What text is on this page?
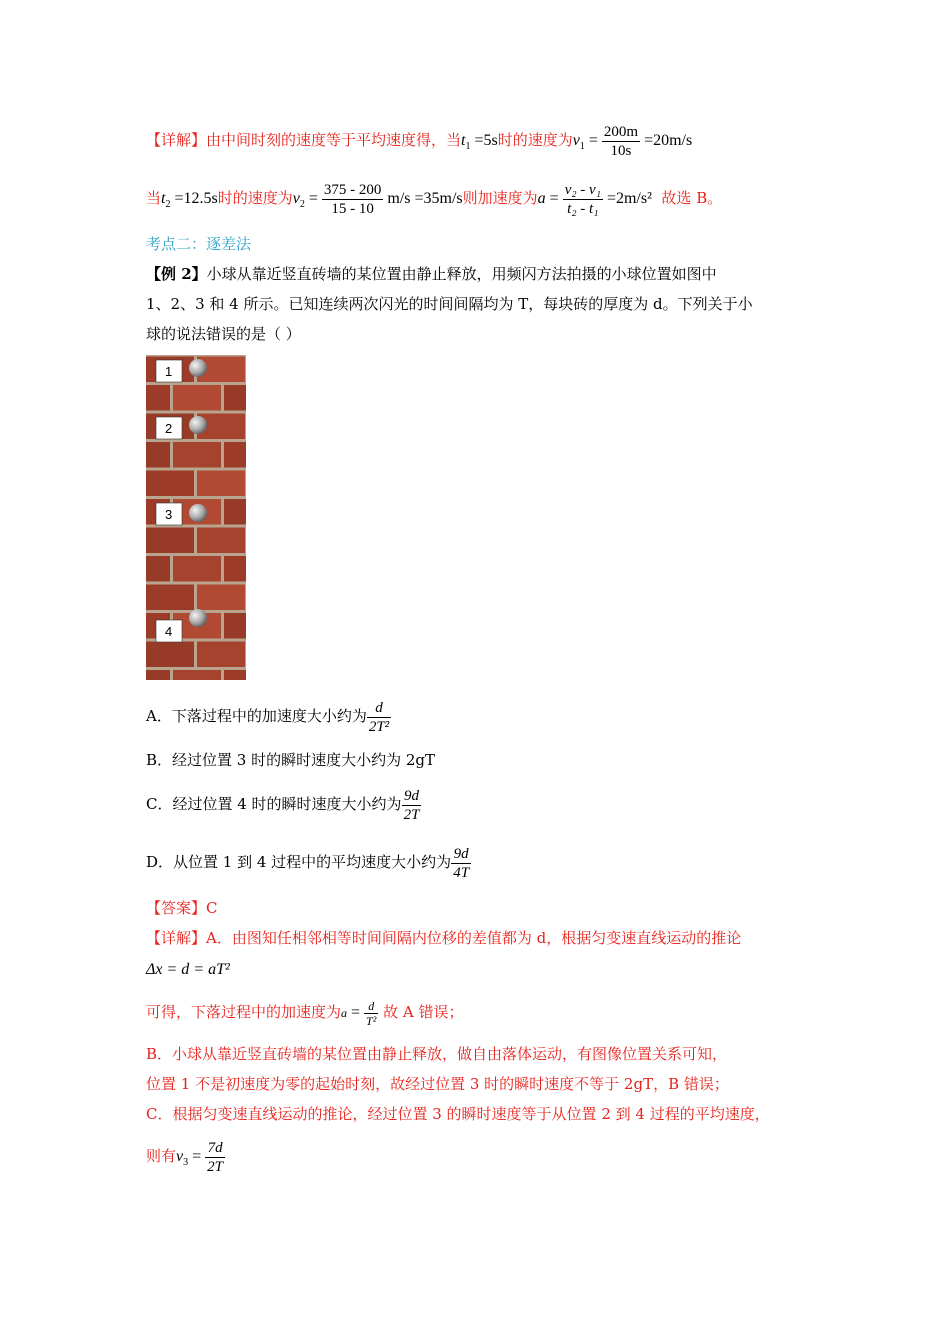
【详解】由中间时刻的速度等于平均速度得，当$t_1 =5s$时的速度为$v_1 = \frac{200m}{10s} =20m/s$
当$t_2 =12.5s$时的速度为$v_2 = \frac{375 - 200}{15 - 10} m/s =35m/s$则加速度为$a = \frac{\text{v₂ - v₁}}{\text{t₂ - t₁}} =2m/s^2$ 故选 B。
考点二：逐差法
【例 2】小球从靠近竖直砖墙的某位置由静止释放，用频闪方法拍摄的小球位置如图中
1、2、3 和 4 所示。已知连续两次闪光的时间间隔均为 T，每块砖的厚度为 d。下列关于小
球的说法错误的是（ ）
1
2
3
4
A．下落过程中的加速度大小约为 $\frac{d}{\text{2T²}}$
B．经过位置 3 时的瞬时速度大小约为 2gT
C．经过位置 4 时的瞬时速度大小约为 $\frac{9d}{2T}$
D．从位置 1 到 4 过程中的平均速度大小约为 $\frac{9d}{4T}$
【答案】C
【详解】A．由图知任相邻相等时间间隔内位移的差值都为 d，根据匀变速直线运动的推论
Δx = d = aT²
可得，下落过程中的加速度为$a = \frac{d}{\text{T²}}$ 故 A 错误；
B．小球从靠近竖直砖墙的某位置由静止释放，做自由落体运动，有图像位置关系可知，
位置 1 不是初速度为零的起始时刻，故经过位置 3 时的瞬时速度不等于 2gT，B 错误；
C．根据匀变速直线运动的推论，经过位置 3 的瞬时速度等于从位置 2 到 4 过程的平均速度，
则有$v_3 = \frac{7d}{2T}$
